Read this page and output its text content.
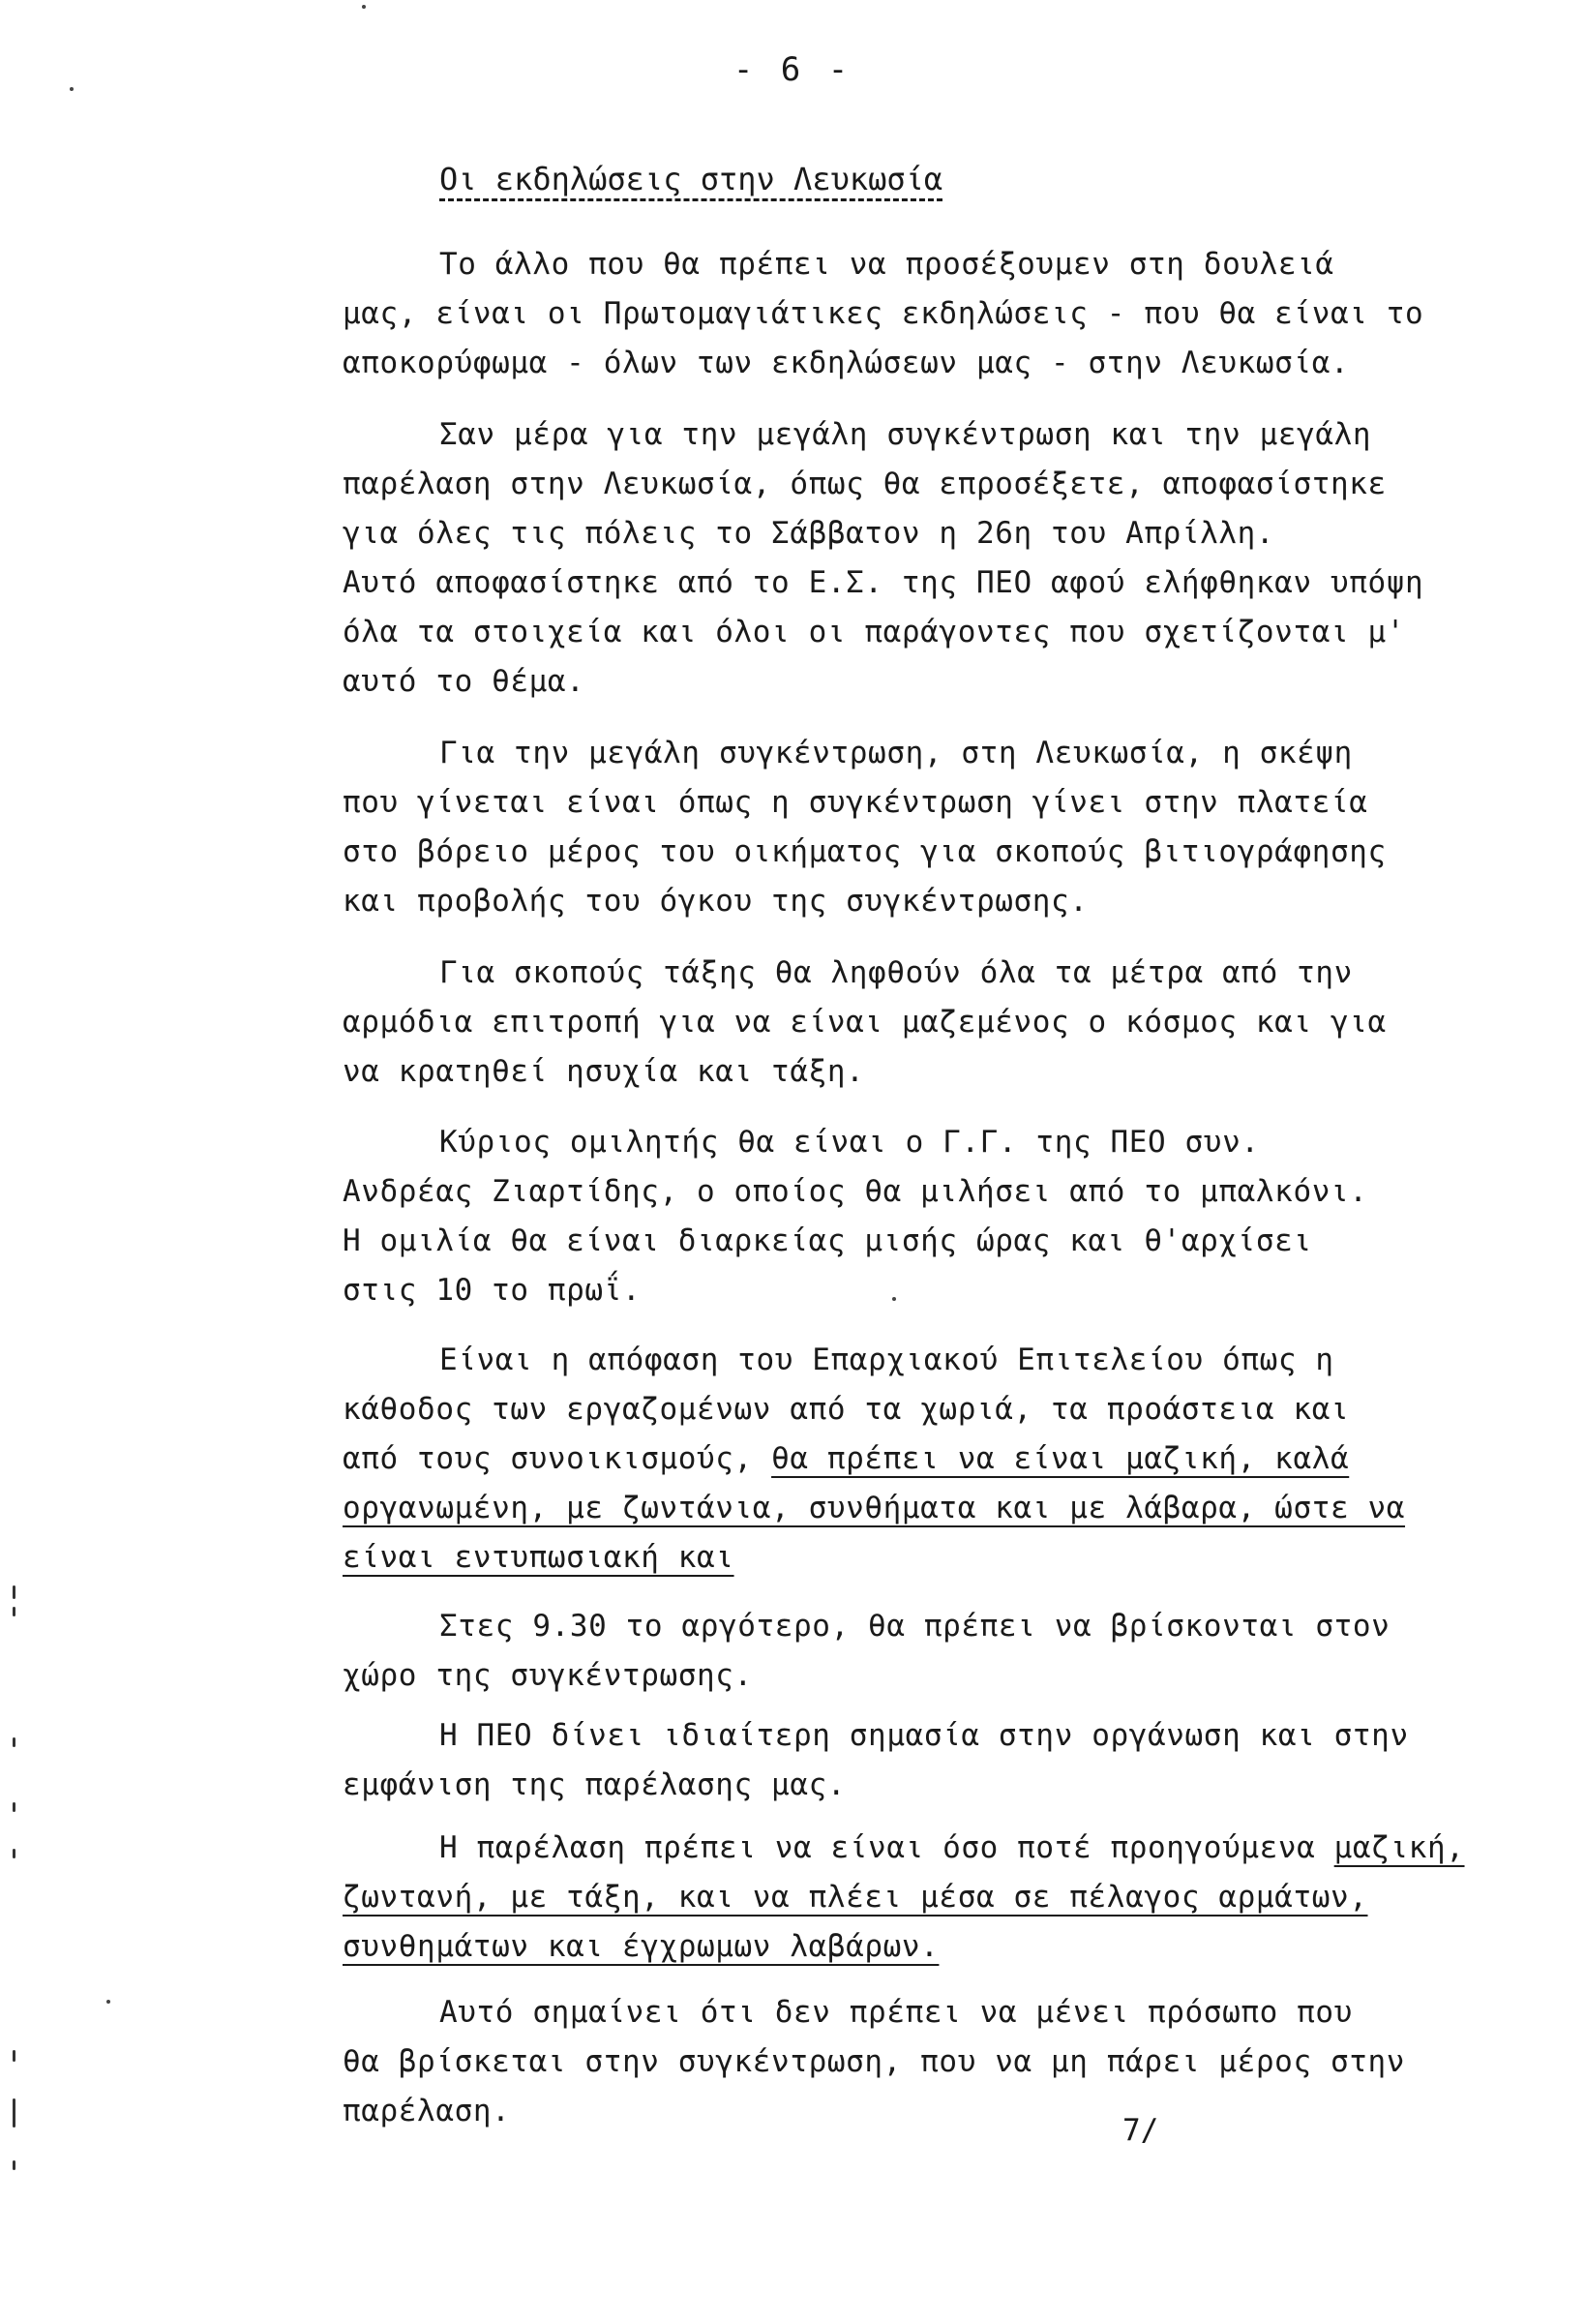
- 6 -
Οι εκδηλώσεις στην Λευκωσία
Το άλλο που θα πρέπει να προσέξουμεν στη δουλειά
μας, είναι οι Πρωτομαγιάτικες εκδηλώσεις - που θα είναι το
αποκορύφωμα - όλων των εκδηλώσεων μας - στην Λευκωσία.
Σαν μέρα για την μεγάλη συγκέντρωση και την μεγάλη
παρέλαση στην Λευκωσία, όπως θα επροσέξετε, αποφασίστηκε
για όλες τις πόλεις το Σάββατον η 26η του Απρίλλη.
Αυτό αποφασίστηκε από το Ε.Σ. της ΠΕΟ αφού ελήφθηκαν υπόψη
όλα τα στοιχεία και όλοι οι παράγοντες που σχετίζονται μ'
αυτό το θέμα.
Για την μεγάλη συγκέντρωση, στη Λευκωσία, η σκέψη
που γίνεται είναι όπως η συγκέντρωση γίνει στην πλατεία
στο βόρειο μέρος του οικήματος για σκοπούς βιτιογράφησης
και προβολής του όγκου της συγκέντρωσης.
Για σκοπούς τάξης θα ληφθούν όλα τα μέτρα από την
αρμόδια επιτροπή για να είναι μαζεμένος ο κόσμος και για
να κρατηθεί ησυχία και τάξη.
Κύριος ομιλητής θα είναι ο Γ.Γ. της ΠΕΟ συν.
Ανδρέας Ζιαρτίδης, ο οποίος θα μιλήσει από το μπαλκόνι.
Η ομιλία θα είναι διαρκείας μισής ώρας και θ'αρχίσει
στις 10 το πρωΐ.
Είναι η απόφαση του Επαρχιακού Επιτελείου όπως η
κάθοδος των εργαζομένων από τα χωριά, τα προάστεια και
από τους συνοικισμούς, θα πρέπει να είναι μαζική, καλά
οργανωμένη, με ζωντάνια, συνθήματα και με λάβαρα, ώστε να
είναι εντυπωσιακή και
Στες 9.30 το αργότερο, θα πρέπει να βρίσκονται στον
χώρο της συγκέντρωσης.
Η ΠΕΟ δίνει ιδιαίτερη σημασία στην οργάνωση και στην
εμφάνιση της παρέλασης μας.
Η παρέλαση πρέπει να είναι όσο ποτέ προηγούμενα μαζική,
ζωντανή, με τάξη, και να πλέει μέσα σε πέλαγος αρμάτων,
συνθημάτων και έγχρωμων λαβάρων.
Αυτό σημαίνει ότι δεν πρέπει να μένει πρόσωπο που
θα βρίσκεται στην συγκέντρωση, που να μη πάρει μέρος στην
παρέλαση.
7/
